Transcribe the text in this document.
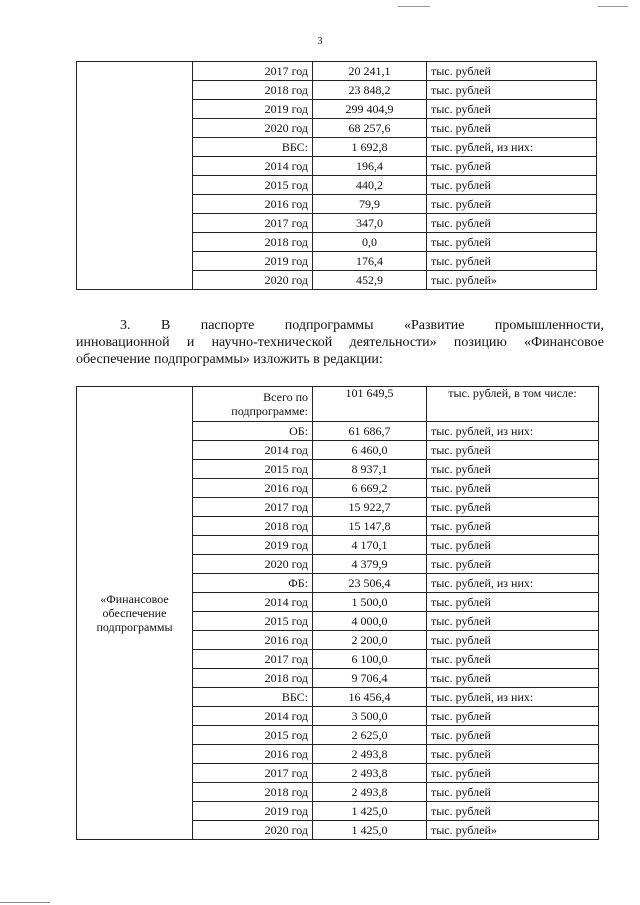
3
	2017 год	20 241,1	тыс. рублей
	2018 год	23 848,2	тыс. рублей
	2019 год	299 404,9	тыс. рублей
	2020 год	68 257,6	тыс. рублей
	ВБС:	1 692,8	тыс. рублей, из них:
	2014 год	196,4	тыс. рублей
	2015 год	440,2	тыс. рублей
	2016 год	79,9	тыс. рублей
	2017 год	347,0	тыс. рублей
	2018 год	0,0	тыс. рублей
	2019 год	176,4	тыс. рублей
	2020 год	452,9	тыс. рублей»
3. В паспорте подпрограммы «Развитие промышленности,
инновационной и научно-технической деятельности» позицию «Финансовое
обеспечение подпрограммы» изложить в редакции:
«Финансовое обеспечение подпрограммы	Всего по подпрограмме:	101 649,5	тыс. рублей, в том числе:
	ОБ:	61 686,7	тыс. рублей, из них:
	2014 год	6 460,0	тыс. рублей
	2015 год	8 937,1	тыс. рублей
	2016 год	6 669,2	тыс. рублей
	2017 год	15 922,7	тыс. рублей
	2018 год	15 147,8	тыс. рублей
	2019 год	4 170,1	тыс. рублей
	2020 год	4 379,9	тыс. рублей
	ФБ:	23 506,4	тыс. рублей, из них:
	2014 год	1 500,0	тыс. рублей
	2015 год	4 000,0	тыс. рублей
	2016 год	2 200,0	тыс. рублей
	2017 год	6 100,0	тыс. рублей
	2018 год	9 706,4	тыс. рублей
	ВБС:	16 456,4	тыс. рублей, из них:
	2014 год	3 500,0	тыс. рублей
	2015 год	2 625,0	тыс. рублей
	2016 год	2 493,8	тыс. рублей
	2017 год	2 493,8	тыс. рублей
	2018 год	2 493,8	тыс. рублей
	2019 год	1 425,0	тыс. рублей
	2020 год	1 425,0	тыс. рублей»
